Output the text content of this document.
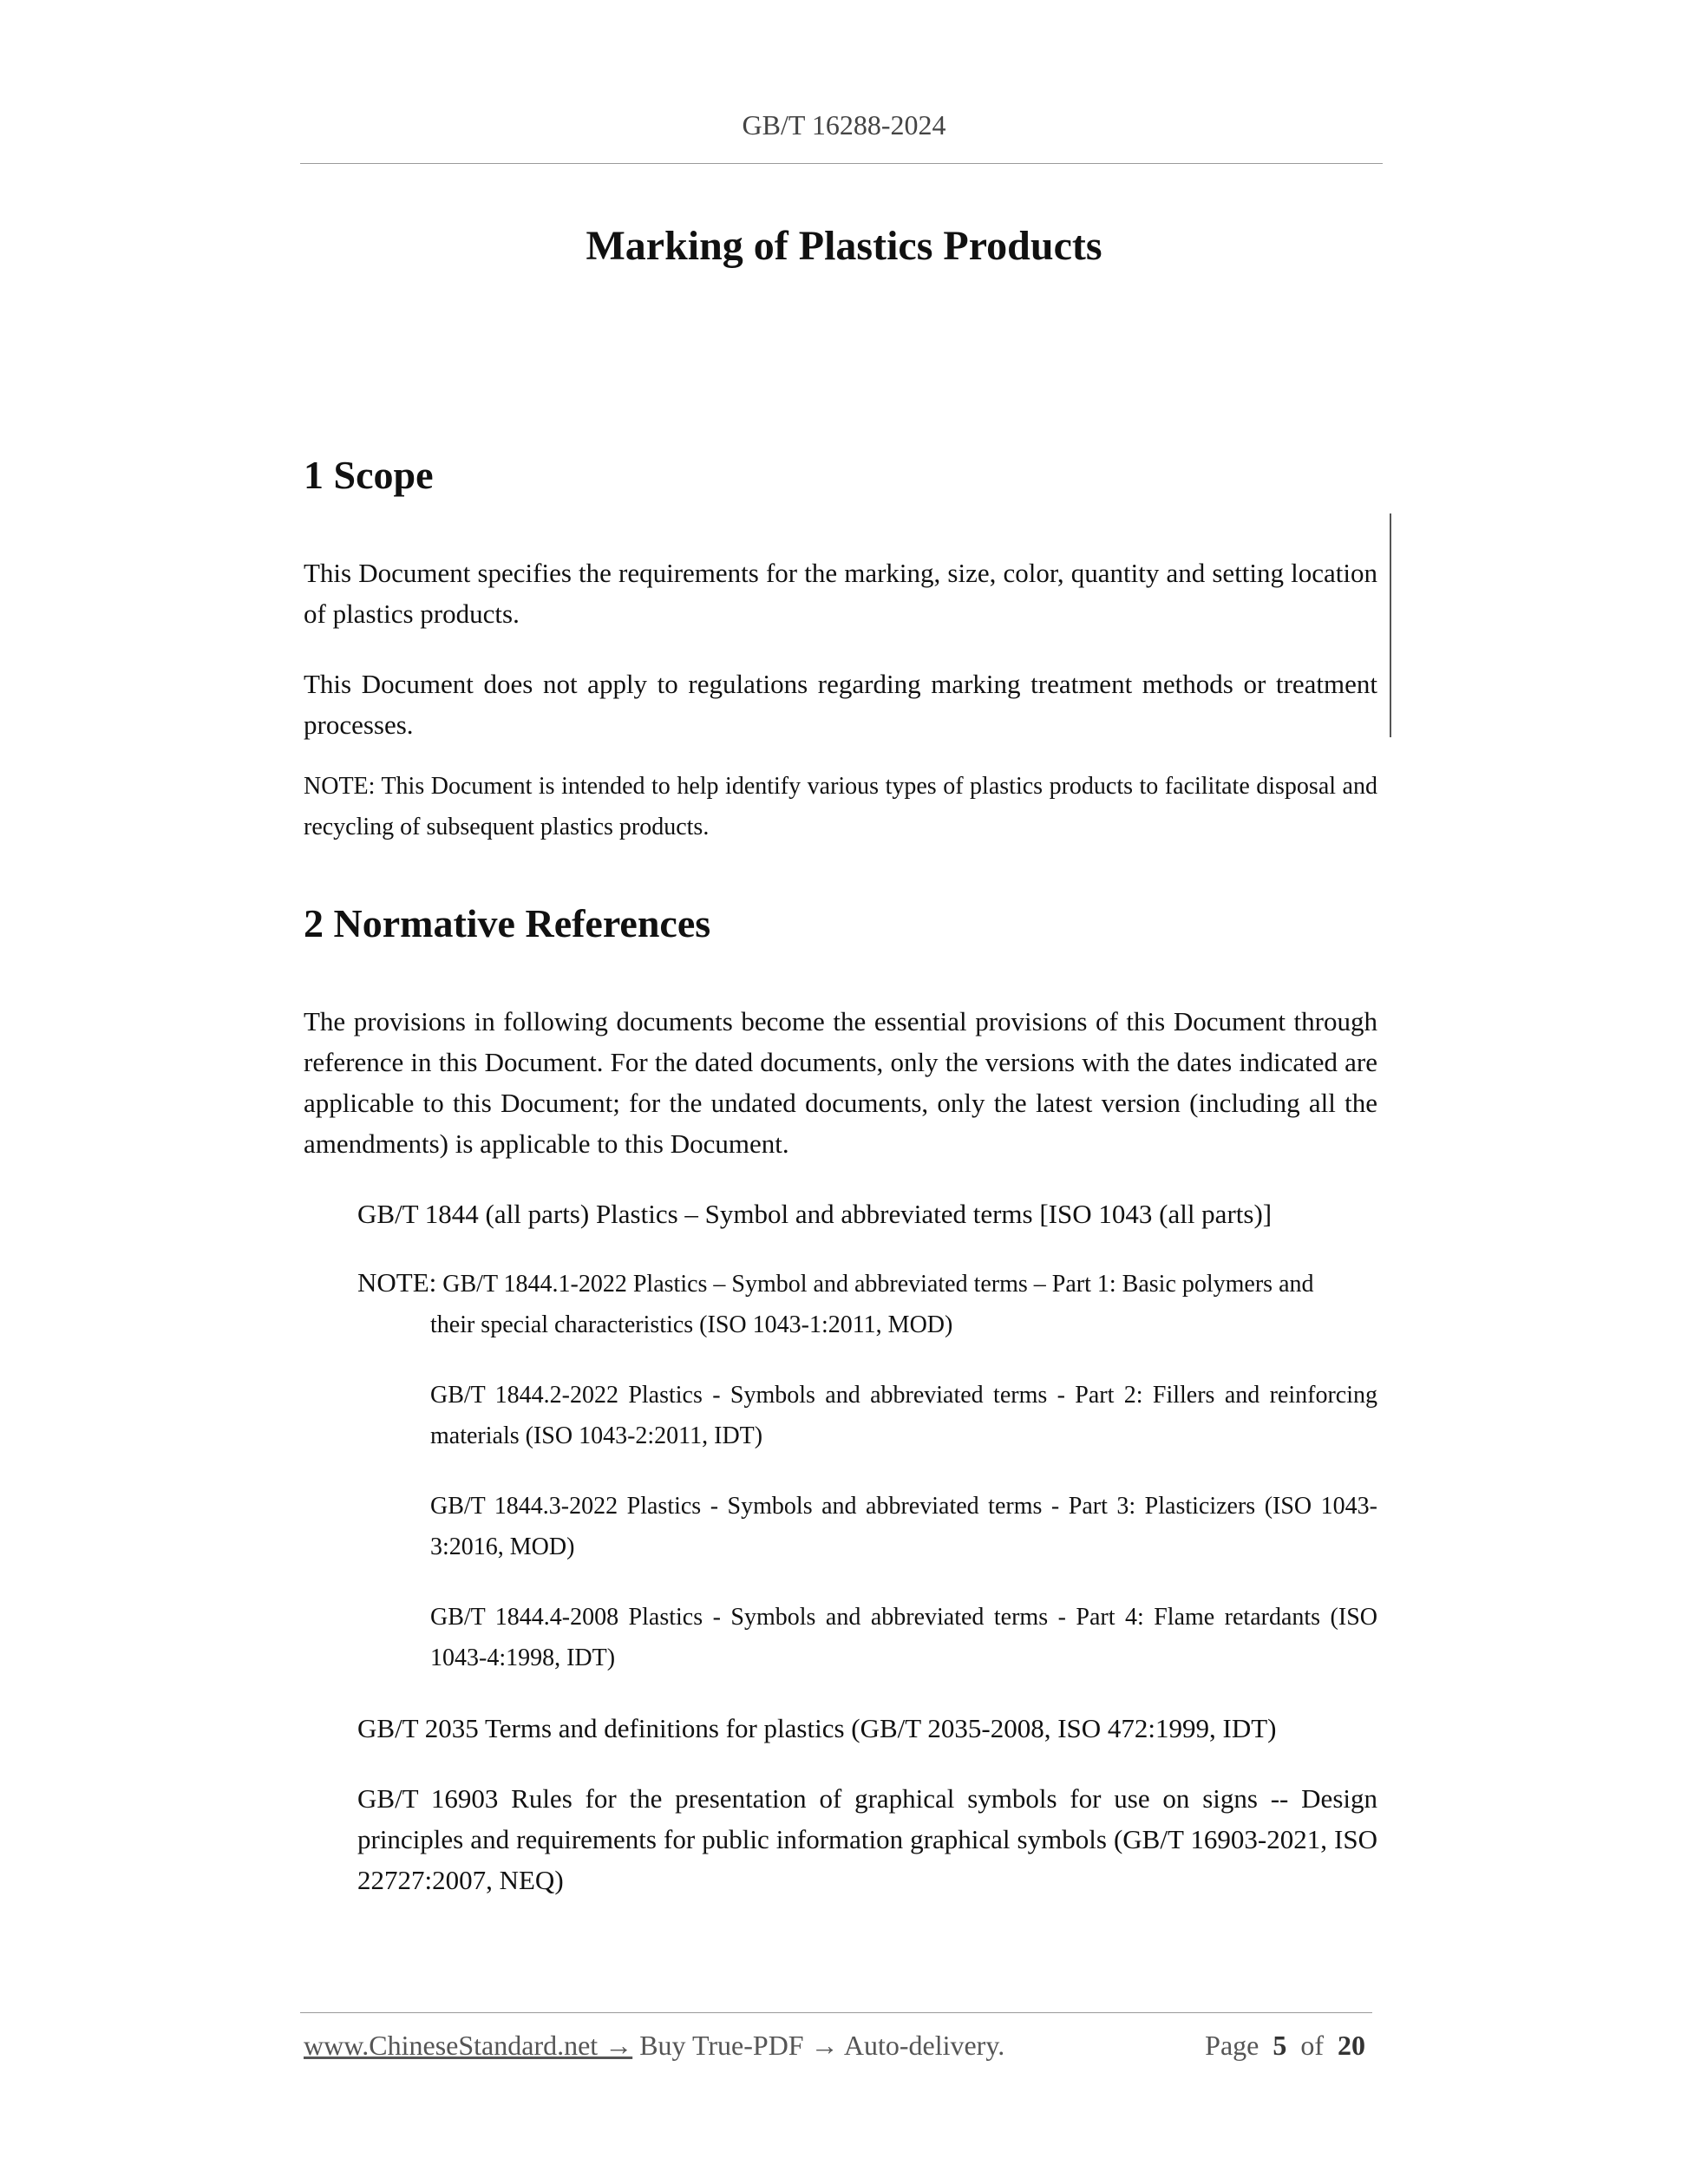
GB/T 16288-2024
Marking of Plastics Products
1 Scope

This Document specifies the requirements for the marking, size, color, quantity and setting location of plastics products.

This Document does not apply to regulations regarding marking treatment methods or treatment processes.

NOTE: This Document is intended to help identify various types of plastics products to facilitate disposal and recycling of subsequent plastics products.

2 Normative References

The provisions in following documents become the essential provisions of this Document through reference in this Document. For the dated documents, only the versions with the dates indicated are applicable to this Document; for the undated documents, only the latest version (including all the amendments) is applicable to this Document.

GB/T 1844 (all parts) Plastics – Symbol and abbreviated terms [ISO 1043 (all parts)]

NOTE: GB/T 1844.1-2022 Plastics – Symbol and abbreviated terms – Part 1: Basic polymers and
their special characteristics (ISO 1043-1:2011, MOD)

GB/T 1844.2-2022 Plastics - Symbols and abbreviated terms - Part 2: Fillers and reinforcing materials (ISO 1043-2:2011, IDT)

GB/T 1844.3-2022 Plastics - Symbols and abbreviated terms - Part 3: Plasticizers (ISO 1043-3:2016, MOD)

GB/T 1844.4-2008 Plastics - Symbols and abbreviated terms - Part 4: Flame retardants (ISO 1043-4:1998, IDT)

GB/T 2035 Terms and definitions for plastics (GB/T 2035-2008, ISO 472:1999, IDT)

GB/T 16903 Rules for the presentation of graphical symbols for use on signs -- Design principles and requirements for public information graphical symbols (GB/T 16903-2021, ISO 22727:2007, NEQ)

www.ChineseStandard.net → Buy True-PDF → Auto-delivery.	Page 5 of 20
